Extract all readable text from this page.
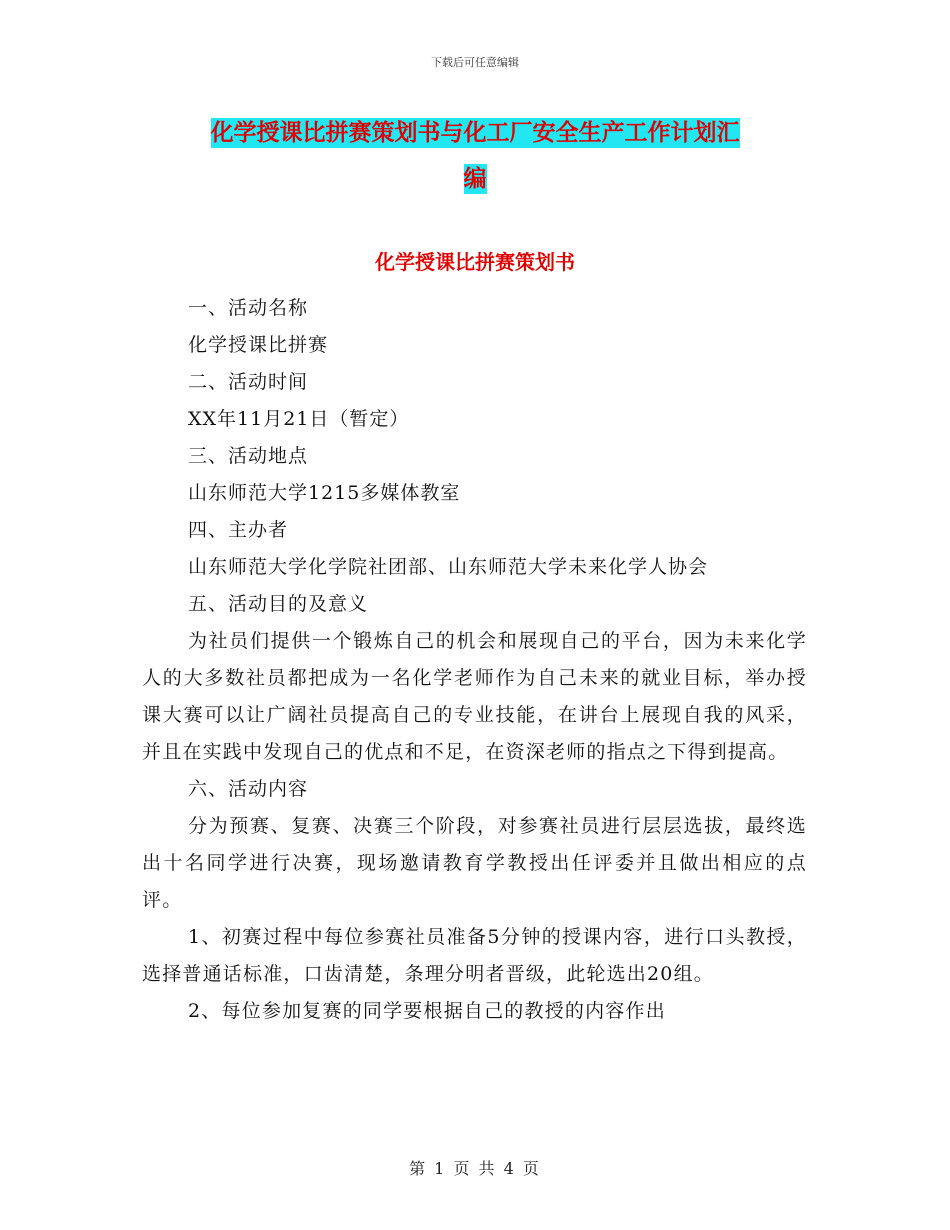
下载后可任意编辑
化学授课比拼赛策划书与化工厂安全生产工作计划汇
编
化学授课比拼赛策划书
一、活动名称
化学授课比拼赛
二、活动时间
XX年11月21日（暂定）
三、活动地点
山东师范大学1215多媒体教室
四、主办者
山东师范大学化学院社团部、山东师范大学未来化学人协会
五、活动目的及意义
为社员们提供一个锻炼自己的机会和展现自己的平台，因为未来化学人的大多数社员都把成为一名化学老师作为自己未来的就业目标，举办授课大赛可以让广阔社员提高自己的专业技能，在讲台上展现自我的风采，并且在实践中发现自己的优点和不足，在资深老师的指点之下得到提高。
六、活动内容
分为预赛、复赛、决赛三个阶段，对参赛社员进行层层选拔，最终选出十名同学进行决赛，现场邀请教育学教授出任评委并且做出相应的点评。
1、初赛过程中每位参赛社员准备5分钟的授课内容，进行口头教授，选择普通话标准，口齿清楚，条理分明者晋级，此轮选出20组。
2、每位参加复赛的同学要根据自己的教授的内容作出
第 1 页 共 4 页
